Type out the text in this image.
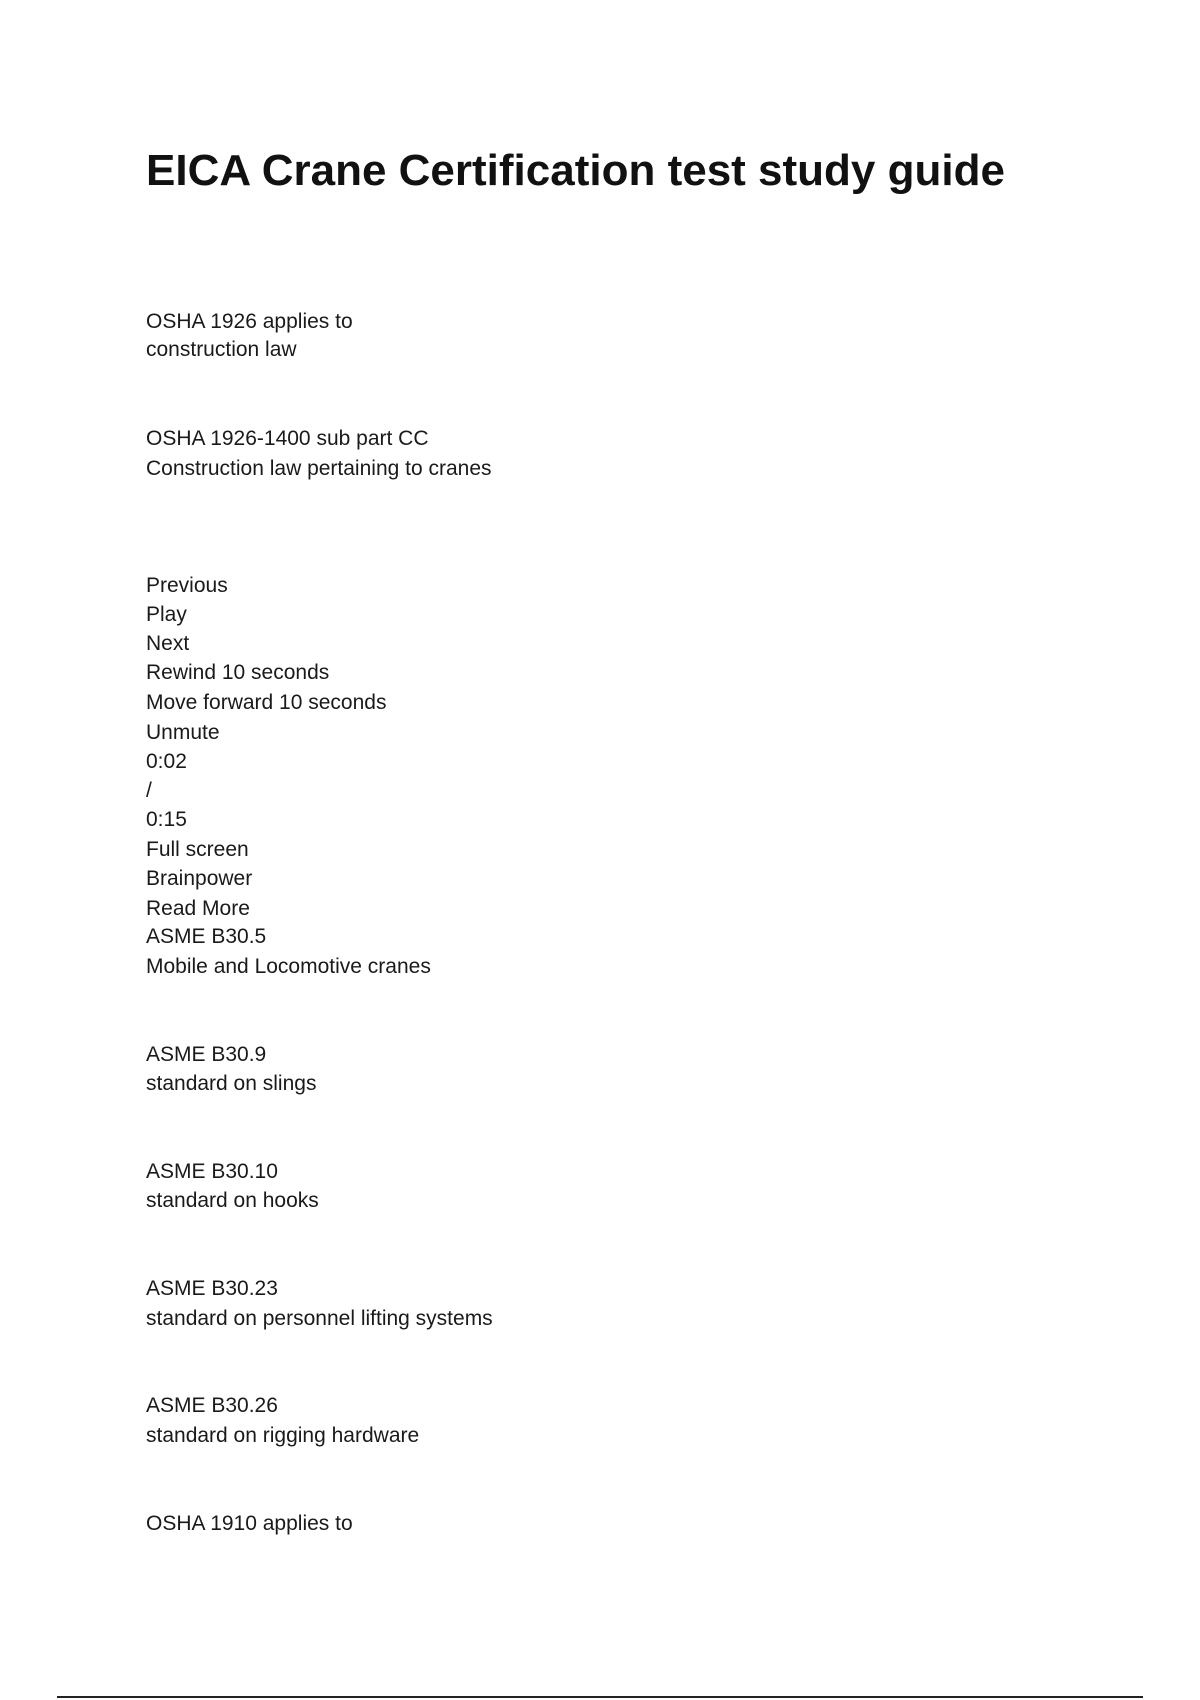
EICA Crane Certification test study guide
OSHA 1926 applies to
construction law
OSHA 1926-1400 sub part CC
Construction law pertaining to cranes
Previous
Play
Next
Rewind 10 seconds
Move forward 10 seconds
Unmute
0:02
/
0:15
Full screen
Brainpower
Read More
ASME B30.5
Mobile and Locomotive cranes
ASME B30.9
standard on slings
ASME B30.10
standard on hooks
ASME B30.23
standard on personnel lifting systems
ASME B30.26
standard on rigging hardware
OSHA 1910 applies to
